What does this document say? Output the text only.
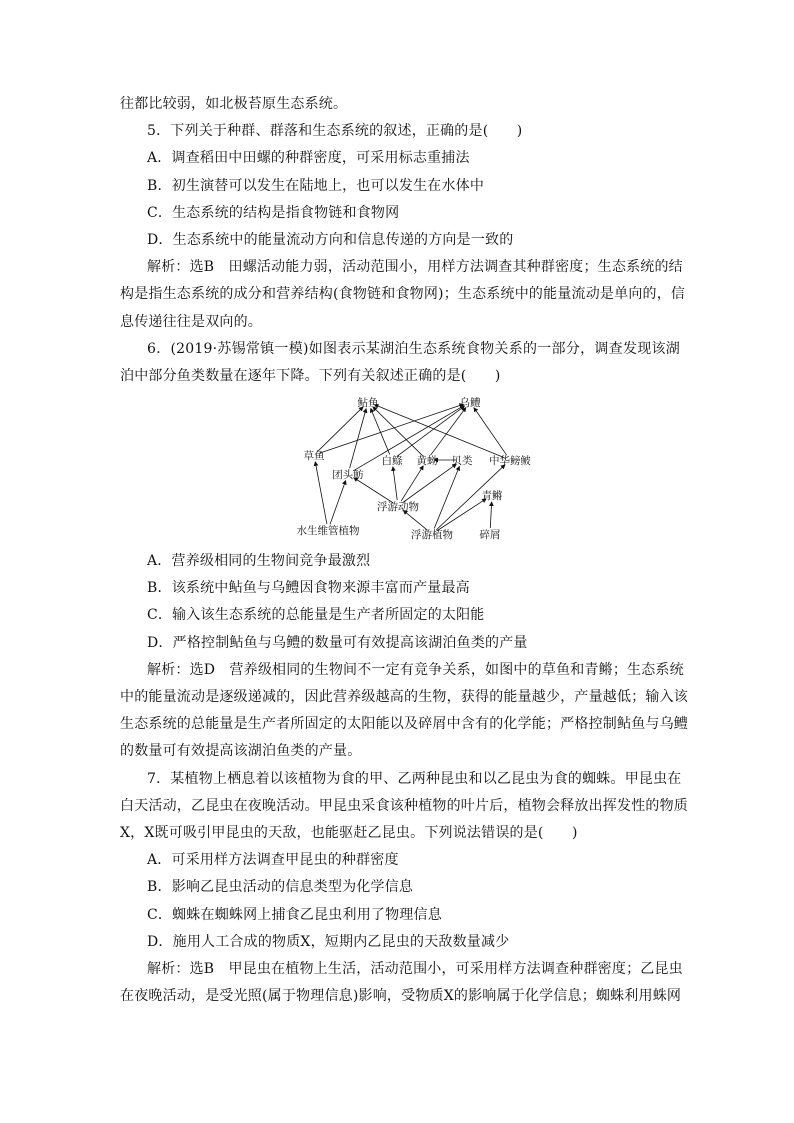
往都比较弱，如北极苔原生态系统。
5．下列关于种群、群落和生态系统的叙述，正确的是(　　)
A．调查稻田中田螺的种群密度，可采用标志重捕法
B．初生演替可以发生在陆地上，也可以发生在水体中
C．生态系统的结构是指食物链和食物网
D．生态系统中的能量流动方向和信息传递的方向是一致的
解析：选B　田螺活动能力弱，活动范围小，用样方法调查其种群密度；生态系统的结
构是指生态系统的成分和营养结构(食物链和食物网)；生态系统中的能量流动是单向的，信
息传递往往是双向的。
6．(2019·苏锡常镇一模)如图表示某湖泊生态系统食物关系的一部分，调查发现该湖
泊中部分鱼类数量在逐年下降。下列有关叙述正确的是(　　)
鲇鱼	乌鳢
草鱼	白鲦 黄蚴 贝类 中华鳑鲏
团头鲂
浮游动物
青鳉
水生维管植物	浮游植物	碎屑
A．营养级相同的生物间竞争最激烈
B．该系统中鲇鱼与乌鳢因食物来源丰富而产量最高
C．输入该生态系统的总能量是生产者所固定的太阳能
D．严格控制鲇鱼与乌鳢的数量可有效提高该湖泊鱼类的产量
解析：选D　营养级相同的生物间不一定有竞争关系，如图中的草鱼和青鳉；生态系统
中的能量流动是逐级递减的，因此营养级越高的生物，获得的能量越少，产量越低；输入该
生态系统的总能量是生产者所固定的太阳能以及碎屑中含有的化学能；严格控制鲇鱼与乌鳢
的数量可有效提高该湖泊鱼类的产量。
7．某植物上栖息着以该植物为食的甲、乙两种昆虫和以乙昆虫为食的蜘蛛。甲昆虫在
白天活动，乙昆虫在夜晚活动。甲昆虫采食该种植物的叶片后，植物会释放出挥发性的物质
X，X既可吸引甲昆虫的天敌，也能驱赶乙昆虫。下列说法错误的是(　　)
A．可采用样方法调查甲昆虫的种群密度
B．影响乙昆虫活动的信息类型为化学信息
C．蜘蛛在蜘蛛网上捕食乙昆虫利用了物理信息
D．施用人工合成的物质X，短期内乙昆虫的天敌数量减少
解析：选B　甲昆虫在植物上生活，活动范围小，可采用样方法调查种群密度；乙昆虫
在夜晚活动，是受光照(属于物理信息)影响，受物质X的影响属于化学信息；蜘蛛利用蛛网
